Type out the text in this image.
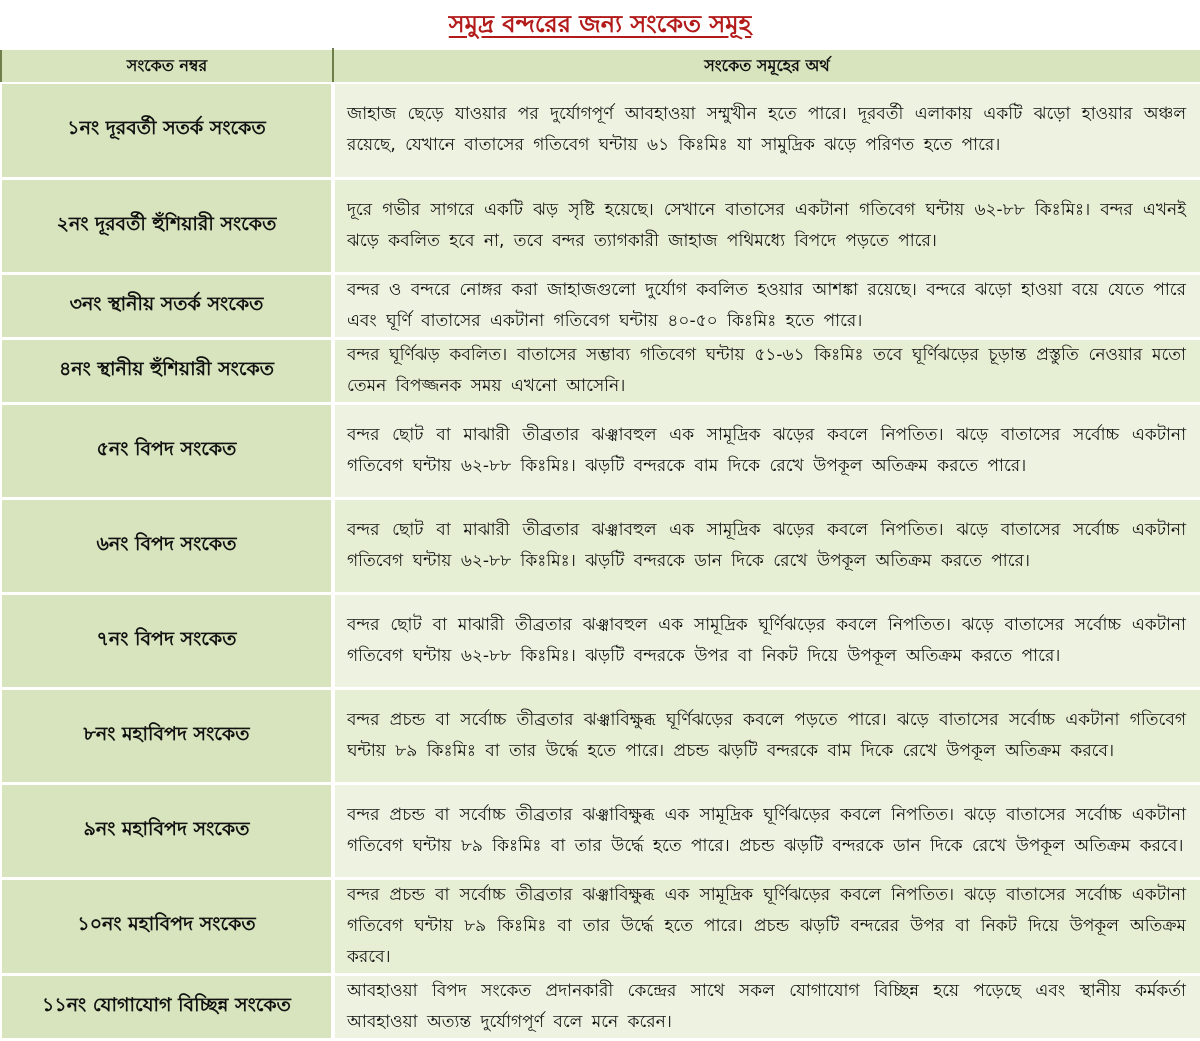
সমুদ্র বন্দরের জন্য সংকেত সমূহ
সংকেত নম্বর	সংকেত সমূহের অর্থ
১নং দূরবর্তী সতর্ক সংকেত	জাহাজ ছেড়ে যাওয়ার পর দুর্যোগপূর্ণ আবহাওয়া সম্মুখীন হতে পারে। দূরবর্তী এলাকায় একটি ঝড়ো হাওয়ার অঞ্চল রয়েছে, যেখানে বাতাসের গতিবেগ ঘন্টায় ৬১ কিঃমিঃ যা সামুদ্রিক ঝড়ে পরিণত হতে পারে।
২নং দূরবর্তী হুঁশিয়ারী সংকেত	দূরে গভীর সাগরে একটি ঝড় সৃষ্টি হয়েছে। সেখানে বাতাসের একটানা গতিবেগ ঘন্টায় ৬২-৮৮ কিঃমিঃ। বন্দর এখনই ঝড়ে কবলিত হবে না, তবে বন্দর ত্যাগকারী জাহাজ পথিমধ্যে বিপদে পড়তে পারে।
৩নং স্থানীয় সতর্ক সংকেত	বন্দর ও বন্দরে নোঙ্গর করা জাহাজগুলো দুর্যোগ কবলিত হওয়ার আশঙ্কা রয়েছে। বন্দরে ঝড়ো হাওয়া বয়ে যেতে পারে এবং ঘূর্ণি বাতাসের একটানা গতিবেগ ঘন্টায় ৪০-৫০ কিঃমিঃ হতে পারে।
৪নং স্থানীয় হুঁশিয়ারী সংকেত	বন্দর ঘূর্ণিঝড় কবলিত। বাতাসের সম্ভাব্য গতিবেগ ঘন্টায় ৫১-৬১ কিঃমিঃ তবে ঘূর্ণিঝড়ের চূড়ান্ত প্রস্তুতি নেওয়ার মতো তেমন বিপজ্জনক সময় এখনো আসেনি।
৫নং বিপদ সংকেত	বন্দর ছোট বা মাঝারী তীব্রতার ঝঞ্ঝাবহুল এক সামূদ্রিক ঝড়ের কবলে নিপতিত। ঝড়ে বাতাসের সর্বোচ্চ একটানা গতিবেগ ঘন্টায় ৬২-৮৮ কিঃমিঃ। ঝড়টি বন্দরকে বাম দিকে রেখে উপকূল অতিক্রম করতে পারে।
৬নং বিপদ সংকেত	বন্দর ছোট বা মাঝারী তীব্রতার ঝঞ্ঝাবহুল এক সামূদ্রিক ঝড়ের কবলে নিপতিত। ঝড়ে বাতাসের সর্বোচ্চ একটানা গতিবেগ ঘন্টায় ৬২-৮৮ কিঃমিঃ। ঝড়টি বন্দরকে ডান দিকে রেখে উপকূল অতিক্রম করতে পারে।
৭নং বিপদ সংকেত	বন্দর ছোট বা মাঝারী তীব্রতার ঝঞ্ঝাবহুল এক সামূদ্রিক ঘূর্ণিঝড়ের কবলে নিপতিত। ঝড়ে বাতাসের সর্বোচ্চ একটানা গতিবেগ ঘন্টায় ৬২-৮৮ কিঃমিঃ। ঝড়টি বন্দরকে উপর বা নিকট দিয়ে উপকূল অতিক্রম করতে পারে।
৮নং মহাবিপদ সংকেত	বন্দর প্রচন্ড বা সর্বোচ্চ তীব্রতার ঝঞ্ঝাবিক্ষুব্ধ ঘূর্ণিঝড়ের কবলে পড়তে পারে। ঝড়ে বাতাসের সর্বোচ্চ একটানা গতিবেগ ঘন্টায় ৮৯ কিঃমিঃ বা তার উর্দ্ধে হতে পারে। প্রচন্ড ঝড়টি বন্দরকে বাম দিকে রেখে উপকূল অতিক্রম করবে।
৯নং মহাবিপদ সংকেত	বন্দর প্রচন্ড বা সর্বোচ্চ তীব্রতার ঝঞ্ঝাবিক্ষুব্ধ এক সামূদ্রিক ঘূর্ণিঝড়ের কবলে নিপতিত। ঝড়ে বাতাসের সর্বোচ্চ একটানা গতিবেগ ঘন্টায় ৮৯ কিঃমিঃ বা তার উর্দ্ধে হতে পারে। প্রচন্ড ঝড়টি বন্দরকে ডান দিকে রেখে উপকূল অতিক্রম করবে।
১০নং মহাবিপদ সংকেত	বন্দর প্রচন্ড বা সর্বোচ্চ তীব্রতার ঝঞ্ঝাবিক্ষুব্ধ এক সামূদ্রিক ঘূর্ণিঝড়ের কবলে নিপতিত। ঝড়ে বাতাসের সর্বোচ্চ একটানা গতিবেগ ঘন্টায় ৮৯ কিঃমিঃ বা তার উর্দ্ধে হতে পারে। প্রচন্ড ঝড়টি বন্দরের উপর বা নিকট দিয়ে উপকূল অতিক্রম করবে।
১১নং যোগাযোগ বিচ্ছিন্ন সংকেত	আবহাওয়া বিপদ সংকেত প্রদানকারী কেন্দ্রের সাথে সকল যোগাযোগ বিচ্ছিন্ন হয়ে পড়েছে এবং স্থানীয় কর্মকর্তা আবহাওয়া অত্যন্ত দুর্যোগপূর্ণ বলে মনে করেন।
